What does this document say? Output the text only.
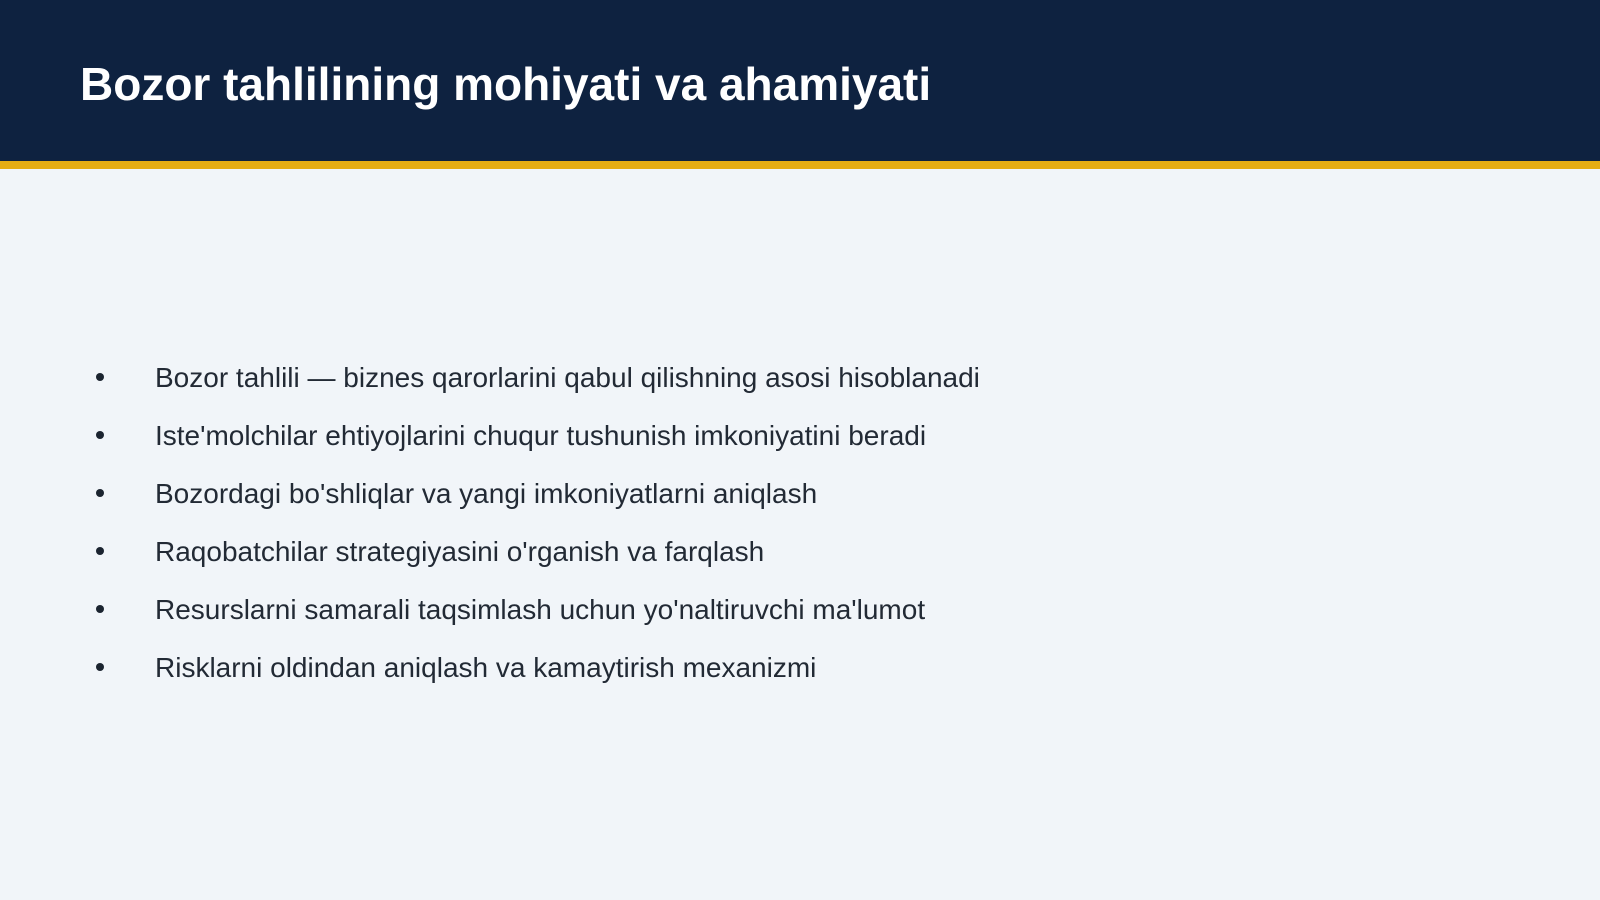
Bozor tahlilining mohiyati va ahamiyati
Bozor tahlili — biznes qarorlarini qabul qilishning asosi hisoblanadi
Iste'molchilar ehtiyojlarini chuqur tushunish imkoniyatini beradi
Bozordagi bo'shliqlar va yangi imkoniyatlarni aniqlash
Raqobatchilar strategiyasini o'rganish va farqlash
Resurslarni samarali taqsimlash uchun yo'naltiruvchi ma'lumot
Risklarni oldindan aniqlash va kamaytirish mexanizmi
